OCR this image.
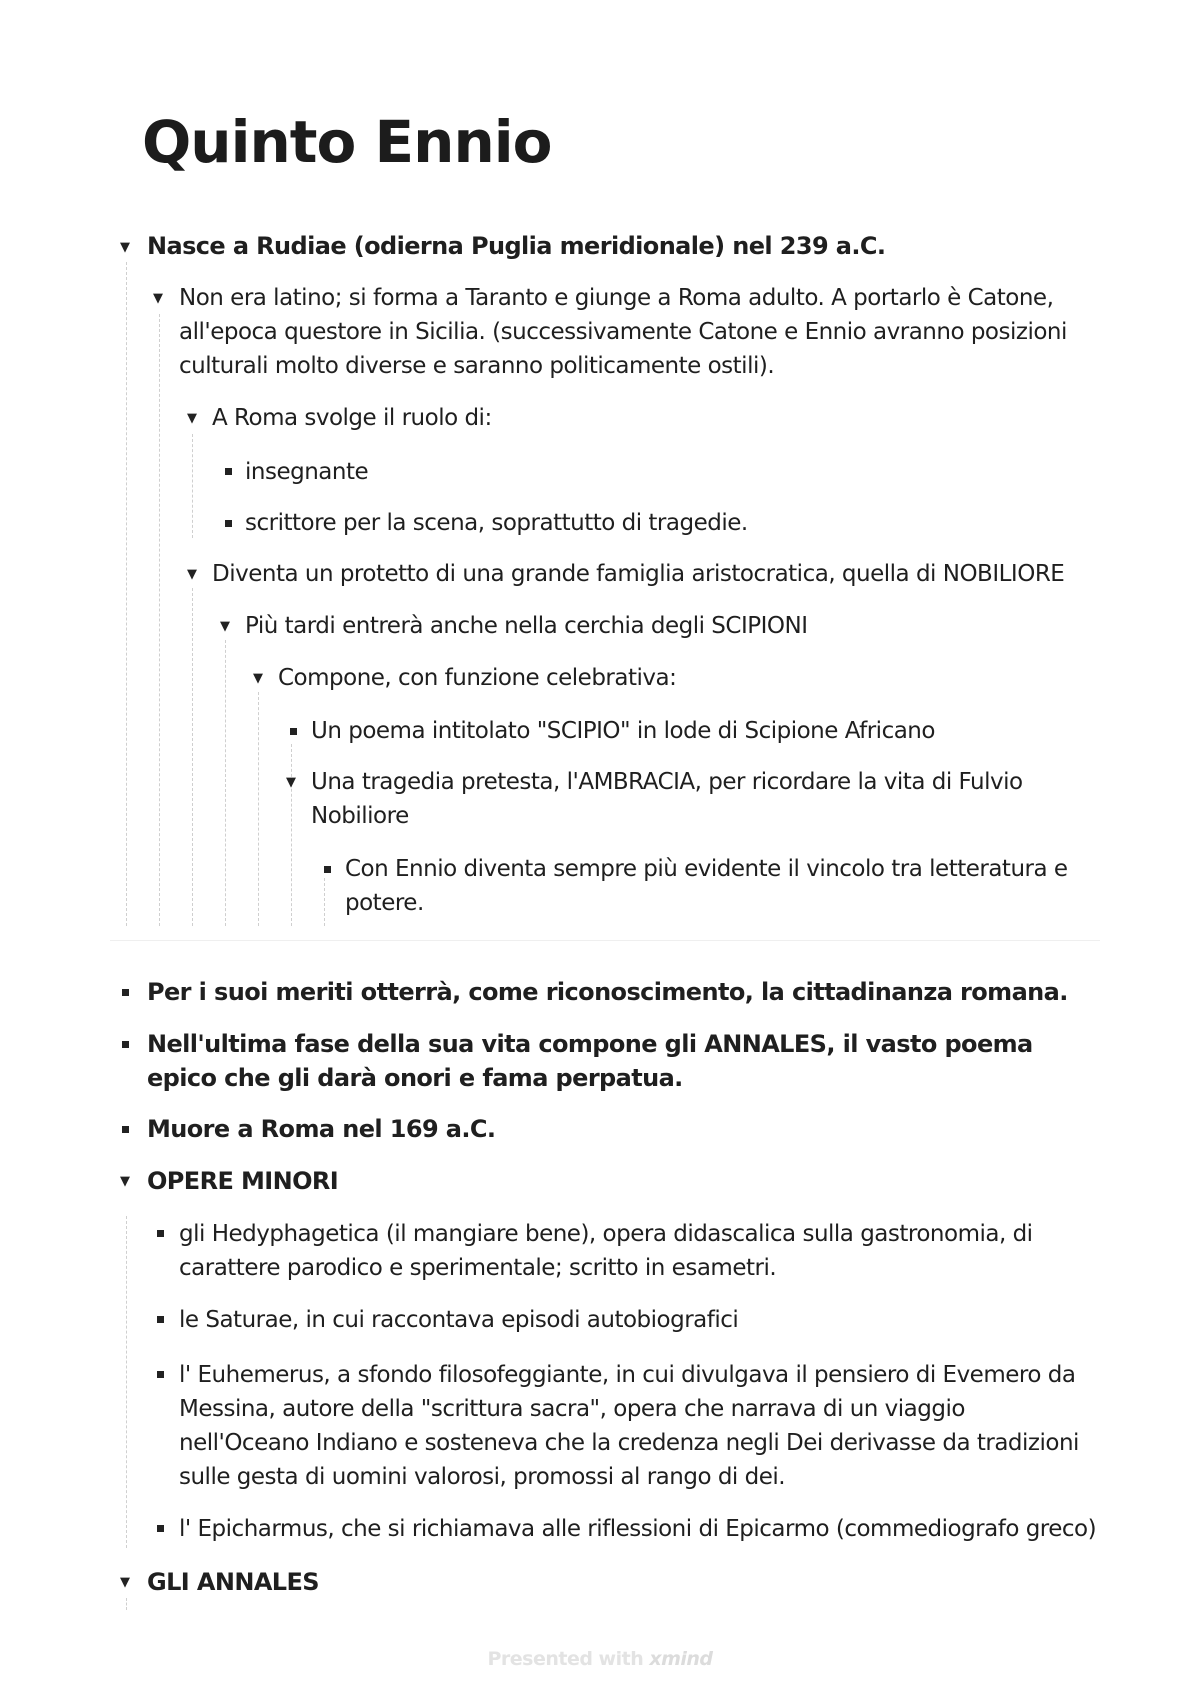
Quinto Ennio
▼ Nasce a Rudiae (odierna Puglia meridionale) nel 239 a.C.
▼ Non era latino; si forma a Taranto e giunge a Roma adulto. A portarlo è Catone,
all'epoca questore in Sicilia. (successivamente Catone e Ennio avranno posizioni
culturali molto diverse e saranno politicamente ostili).
▼ A Roma svolge il ruolo di:
insegnante
scrittore per la scena, soprattutto di tragedie.
▼ Diventa un protetto di una grande famiglia aristocratica, quella di NOBILIORE
▼ Più tardi entrerà anche nella cerchia degli SCIPIONI
▼ Compone, con funzione celebrativa:
Un poema intitolato "SCIPIO" in lode di Scipione Africano
▼ Una tragedia pretesta, l'AMBRACIA, per ricordare la vita di Fulvio
Nobiliore
Con Ennio diventa sempre più evidente il vincolo tra letteratura e
potere.
Per i suoi meriti otterrà, come riconoscimento, la cittadinanza romana.
Nell'ultima fase della sua vita compone gli ANNALES, il vasto poema
epico che gli darà onori e fama perpatua.
Muore a Roma nel 169 a.C.
▼ OPERE MINORI
gli Hedyphagetica (il mangiare bene), opera didascalica sulla gastronomia, di
carattere parodico e sperimentale; scritto in esametri.
le Saturae, in cui raccontava episodi autobiografici
l' Euhemerus, a sfondo filosofeggiante, in cui divulgava il pensiero di Evemero da
Messina, autore della "scrittura sacra", opera che narrava di un viaggio
nell'Oceano Indiano e sosteneva che la credenza negli Dei derivasse da tradizioni
sulle gesta di uomini valorosi, promossi al rango di dei.
l' Epicharmus, che si richiamava alle riflessioni di Epicarmo (commediografo greco)
▼ GLI ANNALES
Presented with xmind
